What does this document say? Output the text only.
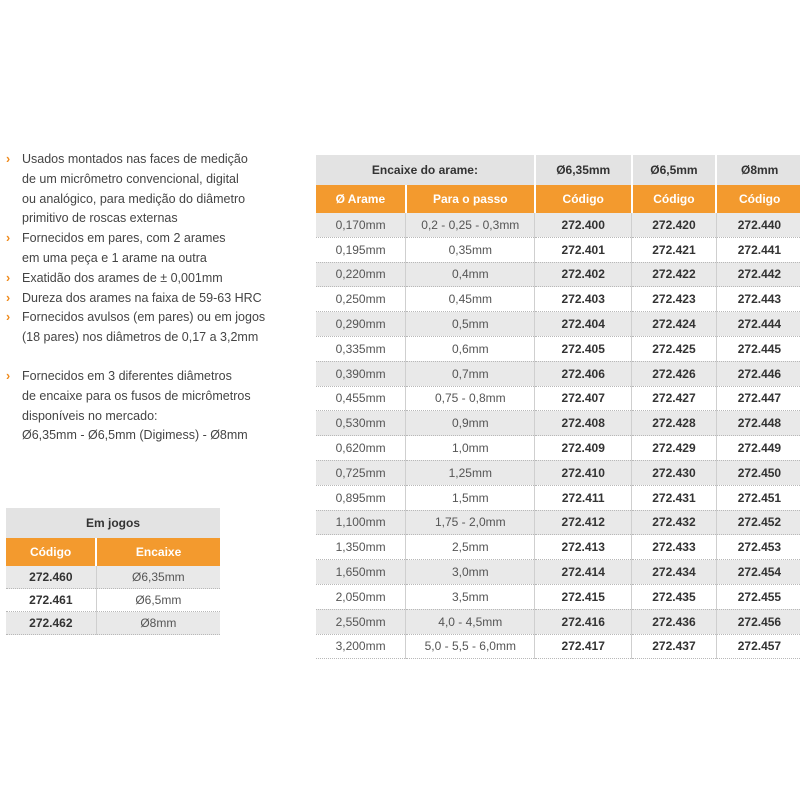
› Usados montados nas faces de medição
de um micrômetro convencional, digital
ou analógico, para medição do diâmetro
primitivo de roscas externas
› Fornecidos em pares, com 2 arames
em uma peça e 1 arame na outra
› Exatidão dos arames de ± 0,001mm
› Dureza dos arames na faixa de 59-63 HRC
› Fornecidos avulsos (em pares) ou em jogos
(18 pares) nos diâmetros de 0,17 a 3,2mm
› Fornecidos em 3 diferentes diâmetros
de encaixe para os fusos de micrômetros
disponíveis no mercado:
Ø6,35mm - Ø6,5mm (Digimess) - Ø8mm
Encaixe do arame:		Ø6,35mm	Ø6,5mm	Ø8mm
Ø Arame	Para o passo	Código	Código	Código
0,170mm	0,2 - 0,25 - 0,3mm	272.400	272.420	272.440
0,195mm	0,35mm	272.401	272.421	272.441
0,220mm	0,4mm	272.402	272.422	272.442
0,250mm	0,45mm	272.403	272.423	272.443
0,290mm	0,5mm	272.404	272.424	272.444
0,335mm	0,6mm	272.405	272.425	272.445
0,390mm	0,7mm	272.406	272.426	272.446
0,455mm	0,75 - 0,8mm	272.407	272.427	272.447
0,530mm	0,9mm	272.408	272.428	272.448
0,620mm	1,0mm	272.409	272.429	272.449
0,725mm	1,25mm	272.410	272.430	272.450
0,895mm	1,5mm	272.411	272.431	272.451
1,100mm	1,75 - 2,0mm	272.412	272.432	272.452
1,350mm	2,5mm	272.413	272.433	272.453
1,650mm	3,0mm	272.414	272.434	272.454
2,050mm	3,5mm	272.415	272.435	272.455
2,550mm	4,0 - 4,5mm	272.416	272.436	272.456
3,200mm	5,0 - 5,5 - 6,0mm	272.417	272.437	272.457
Em jogos	
Código	Encaixe
272.460	Ø6,35mm
272.461	Ø6,5mm
272.462	Ø8mm
